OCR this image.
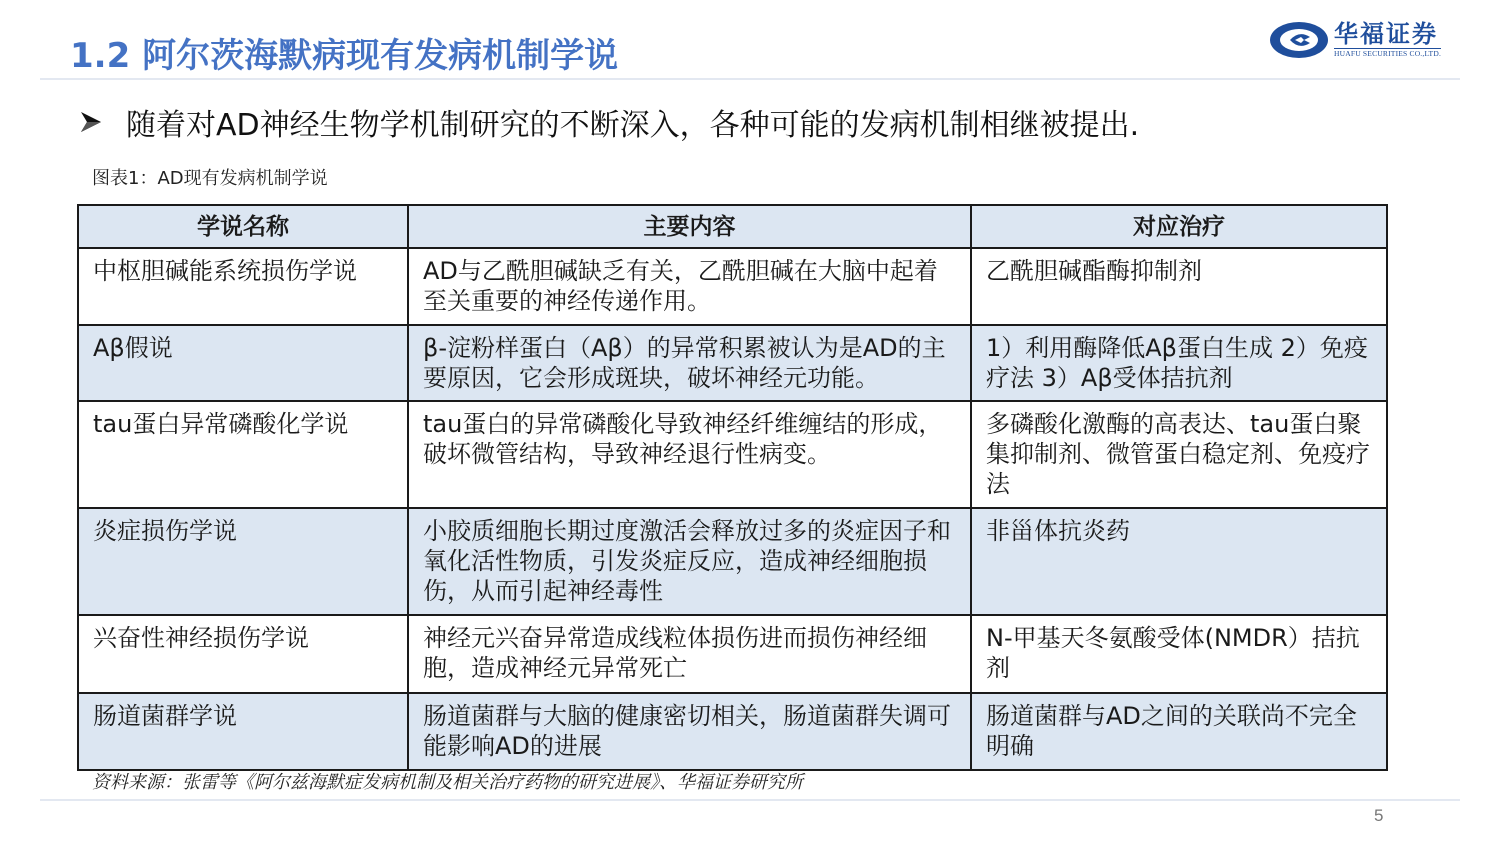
1.2 阿尔茨海默病现有发病机制学说
华福证券
HUAFU SECURITIES CO.,LTD.
随着对AD神经生物学机制研究的不断深入，各种可能的发病机制相继被提出.
图表1：AD现有发病机制学说
学说名称	主要内容	对应治疗
中枢胆碱能系统损伤学说	AD与乙酰胆碱缺乏有关，乙酰胆碱在大脑中起着至关重要的神经传递作用。	乙酰胆碱酯酶抑制剂
Aβ假说	β-淀粉样蛋白（Aβ）的异常积累被认为是AD的主要原因，它会形成斑块，破坏神经元功能。	1）利用酶降低Aβ蛋白生成 2）免疫疗法 3）Aβ受体拮抗剂
tau蛋白异常磷酸化学说	tau蛋白的异常磷酸化导致神经纤维缠结的形成，破坏微管结构，导致神经退行性病变。	多磷酸化激酶的高表达、tau蛋白聚集抑制剂、微管蛋白稳定剂、免疫疗法
炎症损伤学说	小胶质细胞长期过度激活会释放过多的炎症因子和氧化活性物质，引发炎症反应，造成神经细胞损伤，从而引起神经毒性	非甾体抗炎药
兴奋性神经损伤学说	神经元兴奋异常造成线粒体损伤进而损伤神经细胞，造成神经元异常死亡	N-甲基天冬氨酸受体(NMDR）拮抗剂
肠道菌群学说	肠道菌群与大脑的健康密切相关，肠道菌群失调可能影响AD的进展	肠道菌群与AD之间的关联尚不完全明确
资料来源：张雷等《阿尔兹海默症发病机制及相关治疗药物的研究进展》、华福证券研究所
5
